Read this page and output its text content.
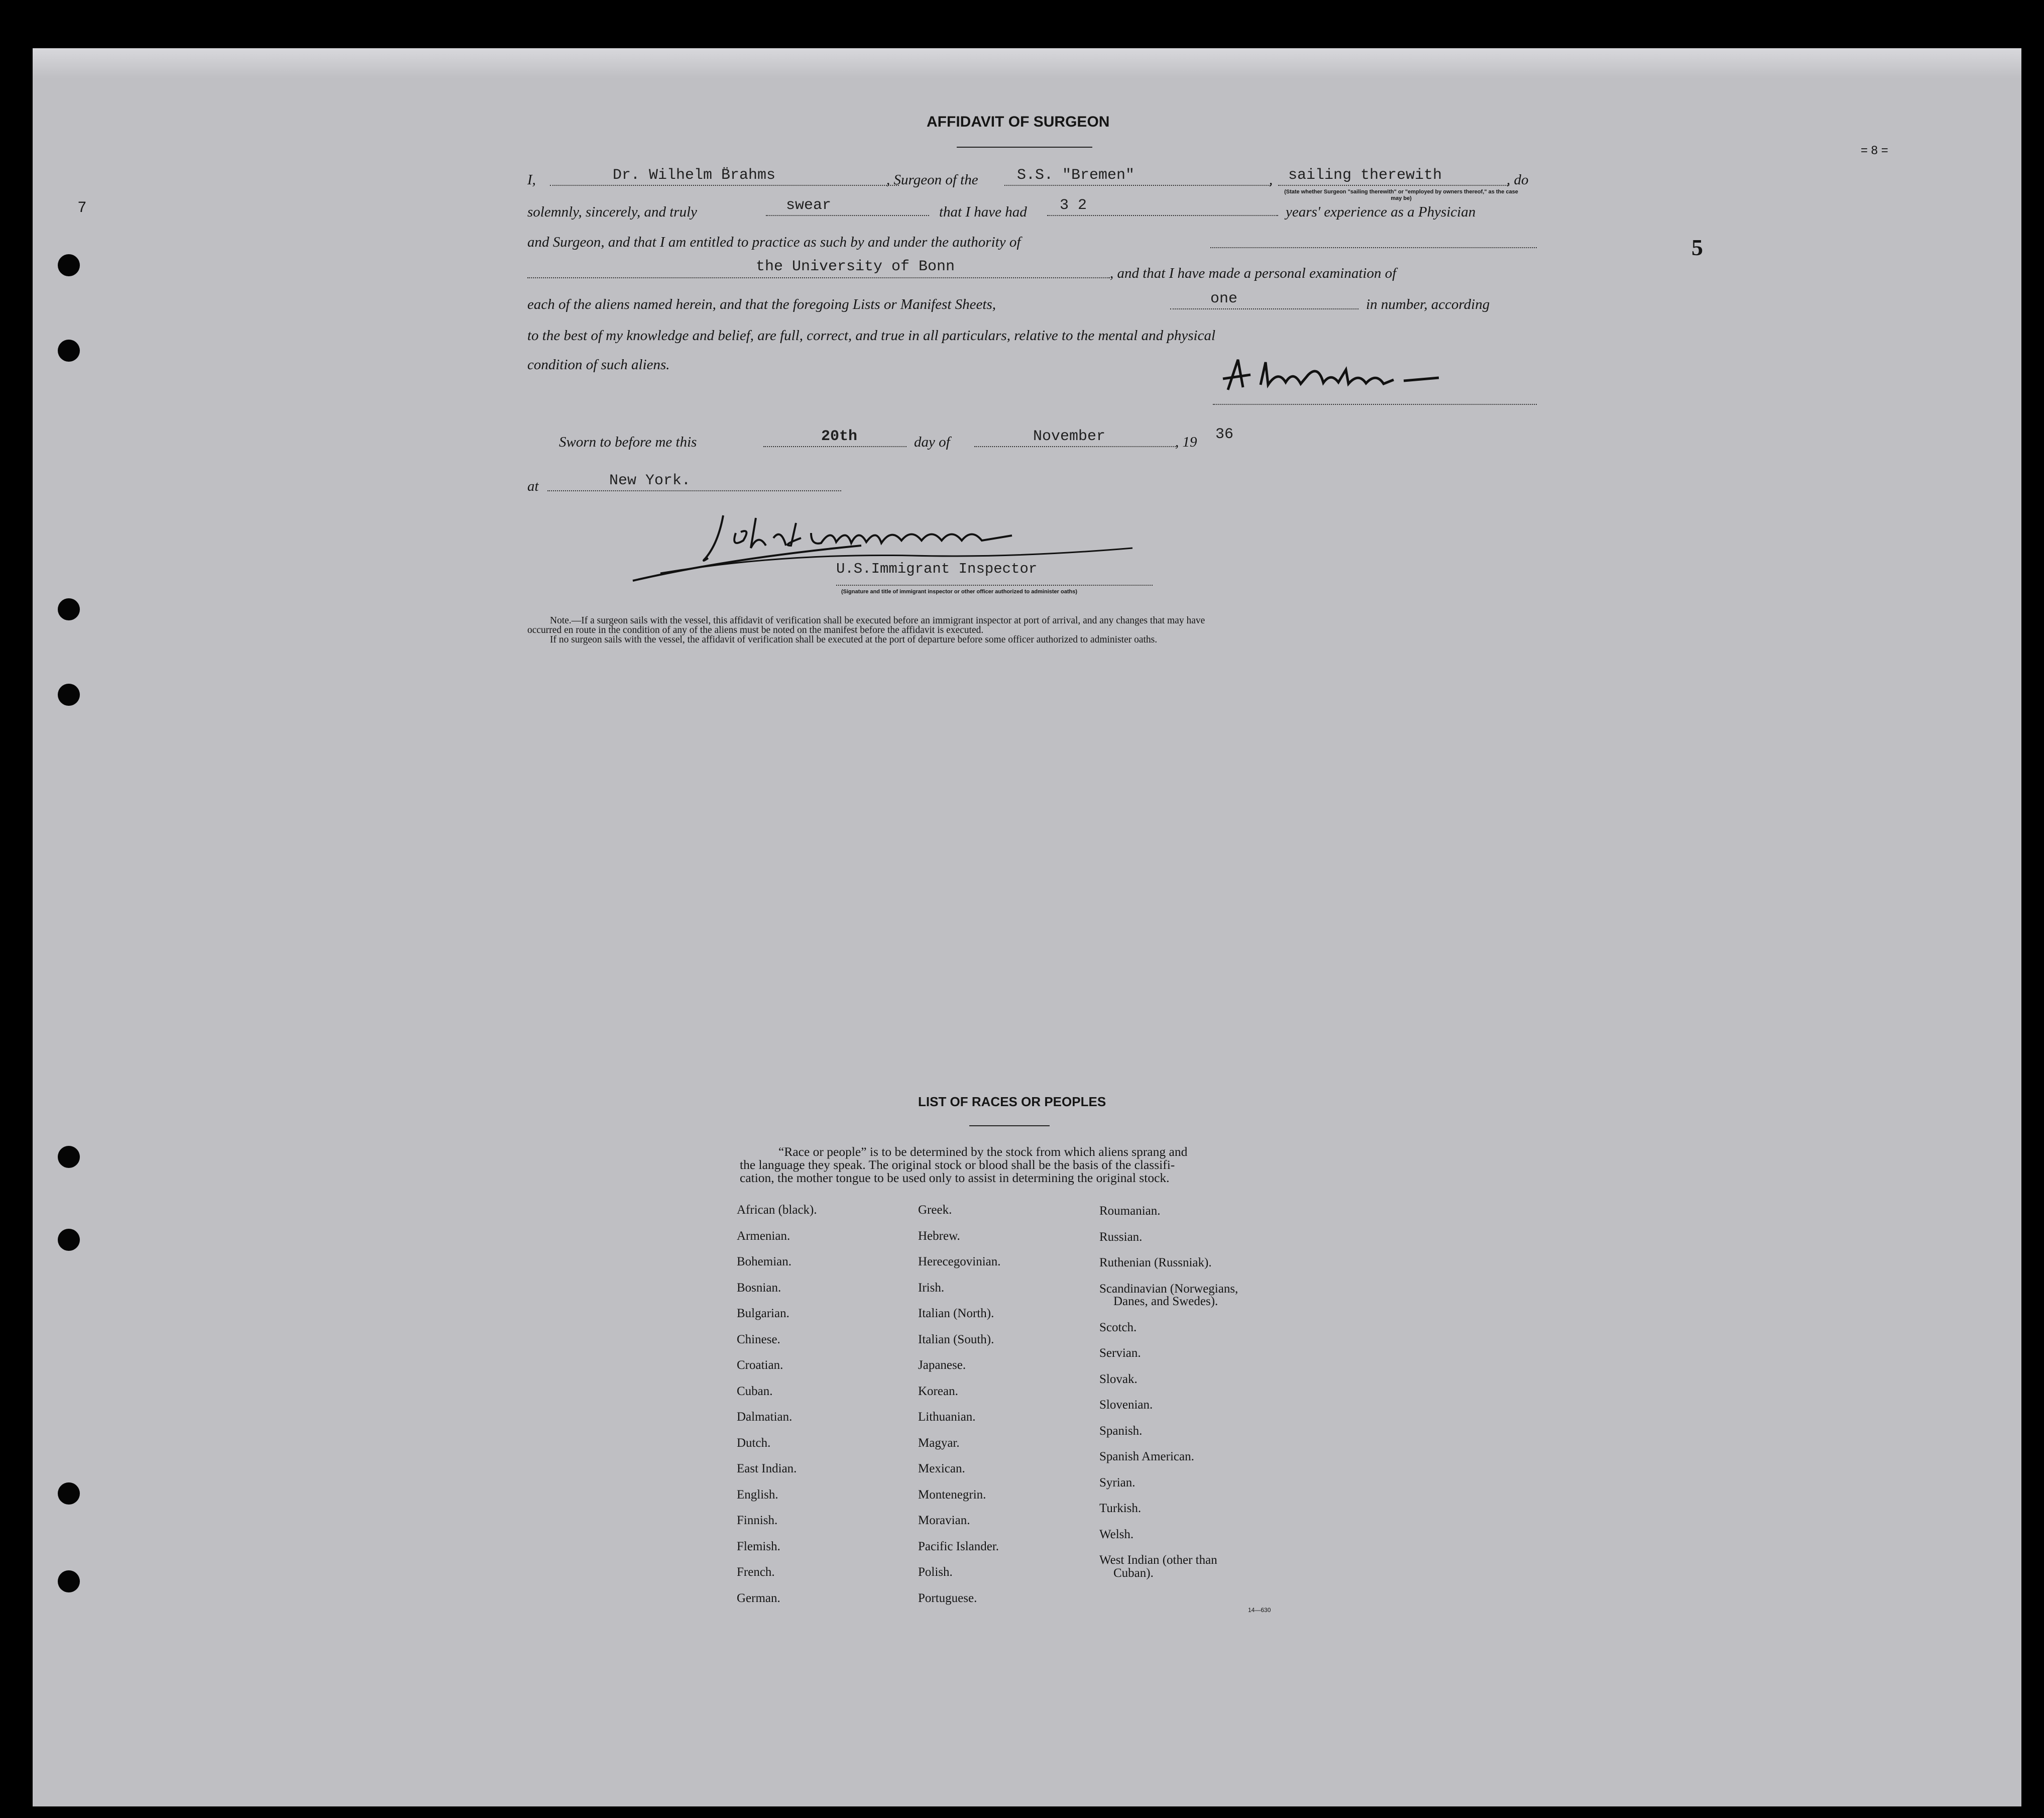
7
= 8 =
5
AFFIDAVIT OF SURGEON
I,	Dr. Wilhelm B̈rahms	, Surgeon of the	S.S. "Bremen"	, sailing therewith	, do
(State whether Surgeon "sailing therewith" or "employed by owners thereof," as the case may be)
solemnly, sincerely, and truly	swear	that I have had 3 2	years' experience as a Physician
and Surgeon, and that I am entitled to practice as such by and under the authority of
the University of Bonn	, and that I have made a personal examination of
each of the aliens named herein, and that the foregoing Lists or Manifest Sheets,	one	in number, according
to the best of my knowledge and belief, are full, correct, and true in all particulars, relative to the mental and physical
condition of such aliens.
Sworn to before me this	20th	day of	November	, 19 36
at	New York.
U.S.Immigrant Inspector
(Signature and title of immigrant inspector or other officer authorized to administer oaths)
Note.—If a surgeon sails with the vessel, this affidavit of verification shall be executed before an immigrant inspector at port of arrival, and any changes that may have
occurred en route in the condition of any of the aliens must be noted on the manifest before the affidavit is executed.
If no surgeon sails with the vessel, the affidavit of verification shall be executed at the port of departure before some officer authorized to administer oaths.
LIST OF RACES OR PEOPLES
“Race or people” is to be determined by the stock from which aliens sprang and
the language they speak. The original stock or blood shall be the basis of the classifi-
cation, the mother tongue to be used only to assist in determining the original stock.
African (black).
Armenian.
Bohemian.
Bosnian.
Bulgarian.
Chinese.
Croatian.
Cuban.
Dalmatian.
Dutch.
East Indian.
English.
Finnish.
Flemish.
French.
German.
Greek.
Hebrew.
Herecegovinian.
Irish.
Italian (North).
Italian (South).
Japanese.
Korean.
Lithuanian.
Magyar.
Mexican.
Montenegrin.
Moravian.
Pacific Islander.
Polish.
Portuguese.
Roumanian.
Russian.
Ruthenian (Russniak).
Scandinavian (Norwegians,
Danes, and Swedes).
Scotch.
Servian.
Slovak.
Slovenian.
Spanish.
Spanish American.
Syrian.
Turkish.
Welsh.
West Indian (other than
Cuban).
14—630
